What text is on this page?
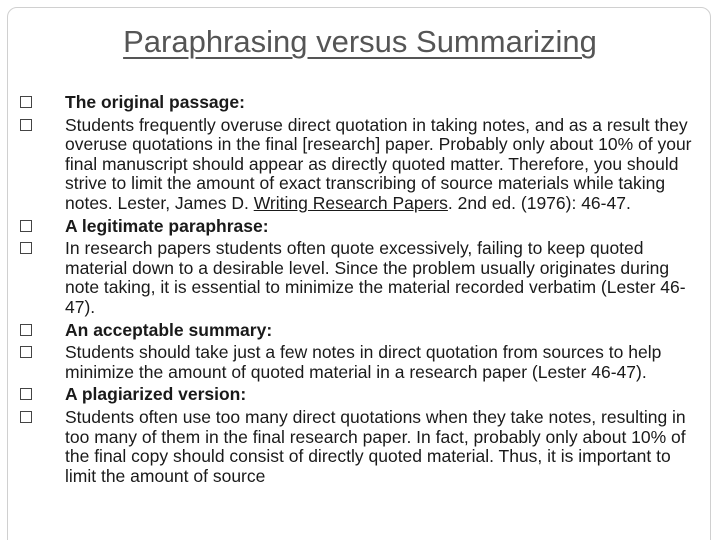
Paraphrasing versus Summarizing
The original passage:
Students frequently overuse direct quotation in taking notes, and as a result they overuse quotations in the final [research] paper. Probably only about 10% of your final manuscript should appear as directly quoted matter. Therefore, you should strive to limit the amount of exact transcribing of source materials while taking notes. Lester, James D. Writing Research Papers. 2nd ed. (1976): 46-47.
A legitimate paraphrase:
In research papers students often quote excessively, failing to keep quoted material down to a desirable level. Since the problem usually originates during note taking, it is essential to minimize the material recorded verbatim (Lester 46-47).
An acceptable summary:
Students should take just a few notes in direct quotation from sources to help minimize the amount of quoted material in a research paper (Lester 46-47).
A plagiarized version:
Students often use too many direct quotations when they take notes, resulting in too many of them in the final research paper. In fact, probably only about 10% of the final copy should consist of directly quoted material. Thus, it is important to limit the amount of source
